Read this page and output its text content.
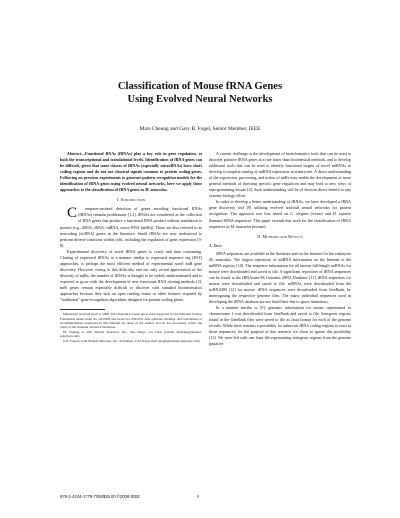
Classification of Mouse fRNA Genes
Using Evolved Neural Networks
Mars Cheung and Gary B. Fogel, Senior Member, IEEE

Abstract—Functional RNAs (fRNAs) play a key role in gene regulation, at both the transcriptional and translational levels. Identification of fRNA genes can be difficult, given that some classes of fRNAs (especially microRNAs) have short coding regions and do not use classical signals common to protein coding genes. Following on previous experiments to generate pattern recognition models for the identification of fRNA genes using evolved neural networks, here we apply these approaches to the classification of fRNA genes in M. musculus.

I. Introduction

C omputer-assisted detection of genes encoding functional RNAs (fRNAs) remains problematic [1,2]. fRNAs are considered as the collection of RNA genes that produce a functional RNA product without translation to protein (e.g., tRNA, rRNA, snRNA, micro RNA (miRs)). These are also referred to as noncoding (ncRNA) genes in the literature. Small fRNAs are now understood to perform diverse functions within cells, including the regulation of gene expression [3-8].

Experimental discovery of novel fRNA genes is costly and time consuming. Cloning of expressed fRNAs in a manner similar to expressed sequence tag (EST) approaches, is perhaps the most efficient method of experimental novel miR gene discovery. However, owing to this difficulty and our only recent appreciation of the diversity of miRs, the number of fRNAs is thought to be widely underestimated and is expected to grow with the development of new functional RNA cloning methods [2]. miR genes remain especially difficult to discover with standard bioinformatics approaches because they lack an open reading frame or other features required by "traditional" gene-recognition algorithms designed for protein-coding genes.

Manuscript received April 4, 2008. This material is based upon work supported by the National Science Foundation under Grant No. 0435383 and Grant No. 0522270. Any opinions, findings, and conclusions or recommendations expressed in this material are those of the authors and do not necessarily reflect the views of the National Science Foundation.

M. Cheung is with Natural Selection, Inc., San Diego, CA USA (e-mail: mcheung@natural-selection.com).

G.B. Fogel is with Natural Selection, Inc., San Diego, CA USA (e-mail: gfogel@natural-selection.com).

A current challenge is the development of bioinformatics tools that can be used to discover putative fRNA genes at a rate faster than biochemical methods, and to develop additional tools that can be used to identify functional targets of novel miRNAs to develop a complete catalog of miRNA expression in eukaryotes. A direct understanding of the expression, processing, and action of miRs may enable the development of more general methods of directing specific gene regulation and may lead to new ways of reprogramming tissues [2]. Such understanding will be of obvious direct benefit to any systems biology effort.

In order to develop a better understanding of fRNAs, we have developed a fRNA gene discovery tool [9] utilizing evolved artificial neural networks for pattern recognition. The approach was first tested on C. elegans (worm) and H. sapiens (human) fRNA sequences. This paper extends this work for the classification of fRNA sequences in M. musculus (mouse).

II. Methods and Results
A. Data

fRNA sequences are available in the literature and on the Internet for the eukaryote M. musculus. The largest repository of miRNA information on the Internet is the miRNA registry [10]. The sequence information for all known full-length miRNAs for mouse were downloaded and saved to file. A significant repository of fRNA sequences can be found at the fRNAsum-SE Genomic tRNA Database [11]. tRNA sequences for mouse were downloaded and saved to file. snRNAs were downloaded from the ncRNADB [12] for mouse. rRNA sequences were downloaded from GenBank, by interrogating the respective genome files. The many individual sequences used in developing the fRNA database are not listed here due to space limitations.

In a manner similar to [9], genomic information for mouse represented as chromosome 1 was downloaded from GenBank and saved to file. Intergenic regions found in the GenBank files were saved to file as fasta format for each of the genome records. While there remains a possibility for unknown fRNA coding regions to exist in these sequences, for the purpose of this research we chose to ignore this possibility [13]. We were left with one fasta file representing intergenic regions from the genome (putative

978-1-4244-1779-7/08/$25.00 ©2008 IEEE	9
